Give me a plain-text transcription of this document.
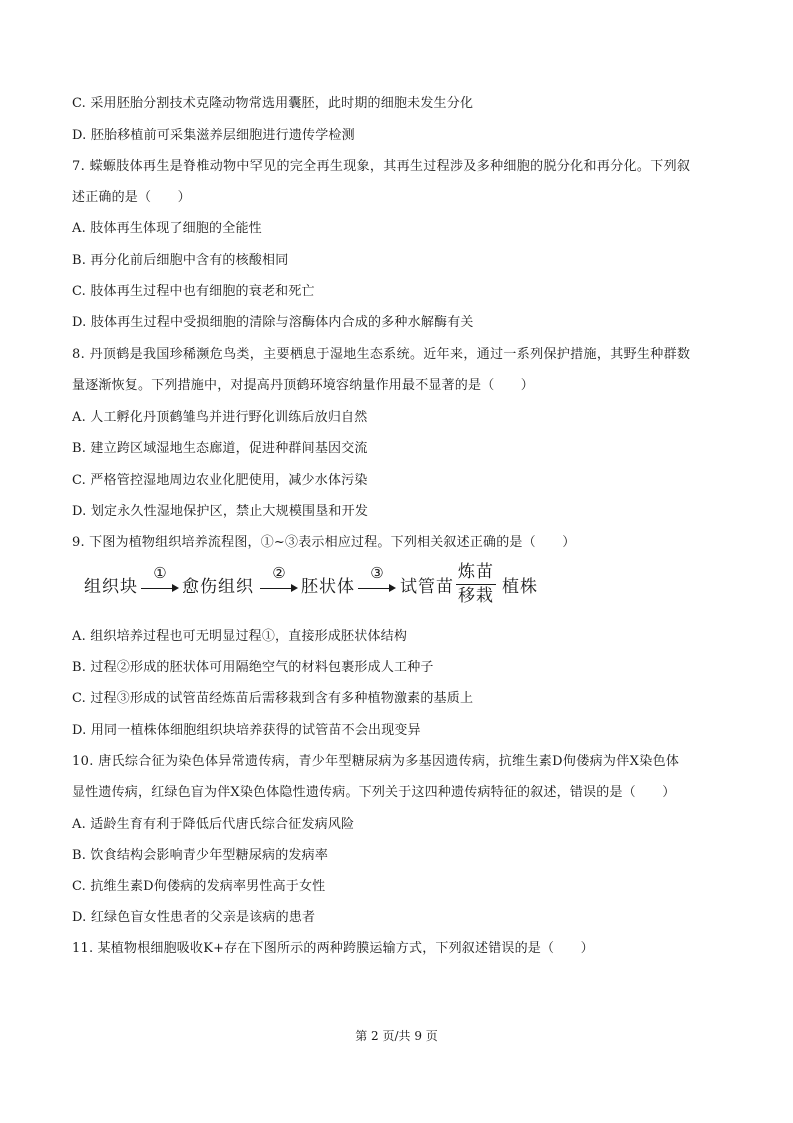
C. 采用胚胎分割技术克隆动物常选用囊胚，此时期的细胞未发生分化
D. 胚胎移植前可采集滋养层细胞进行遗传学检测
7. 蝾螈肢体再生是脊椎动物中罕见的完全再生现象，其再生过程涉及多种细胞的脱分化和再分化。下列叙
述正确的是（　　）
A. 肢体再生体现了细胞的全能性
B. 再分化前后细胞中含有的核酸相同
C. 肢体再生过程中也有细胞的衰老和死亡
D. 肢体再生过程中受损细胞的清除与溶酶体内合成的多种水解酶有关
8. 丹顶鹤是我国珍稀濒危鸟类，主要栖息于湿地生态系统。近年来，通过一系列保护措施，其野生种群数
量逐渐恢复。下列措施中，对提高丹顶鹤环境容纳量作用最不显著的是（　　）
A. 人工孵化丹顶鹤雏鸟并进行野化训练后放归自然
B. 建立跨区域湿地生态廊道，促进种群间基因交流
C. 严格管控湿地周边农业化肥使用，减少水体污染
D. 划定永久性湿地保护区，禁止大规模围垦和开发
9. 下图为植物组织培养流程图，①~③表示相应过程。下列相关叙述正确的是（　　）
组织块
①
愈伤组织
②
胚状体
③
试管苗
炼苗
移栽 植株
A. 组织培养过程也可无明显过程①，直接形成胚状体结构
B. 过程②形成的胚状体可用隔绝空气的材料包裹形成人工种子
C. 过程③形成的试管苗经炼苗后需移栽到含有多种植物激素的基质上
D. 用同一植株体细胞组织块培养获得的试管苗不会出现变异
10. 唐氏综合征为染色体异常遗传病，青少年型糖尿病为多基因遗传病，抗维生素D佝偻病为伴X染色体
显性遗传病，红绿色盲为伴X染色体隐性遗传病。下列关于这四种遗传病特征的叙述，错误的是（　　）
A. 适龄生育有利于降低后代唐氏综合征发病风险
B. 饮食结构会影响青少年型糖尿病的发病率
C. 抗维生素D佝偻病的发病率男性高于女性
D. 红绿色盲女性患者的父亲是该病的患者
11. 某植物根细胞吸收K+存在下图所示的两种跨膜运输方式，下列叙述错误的是（　　）
第 2 页/共 9 页
